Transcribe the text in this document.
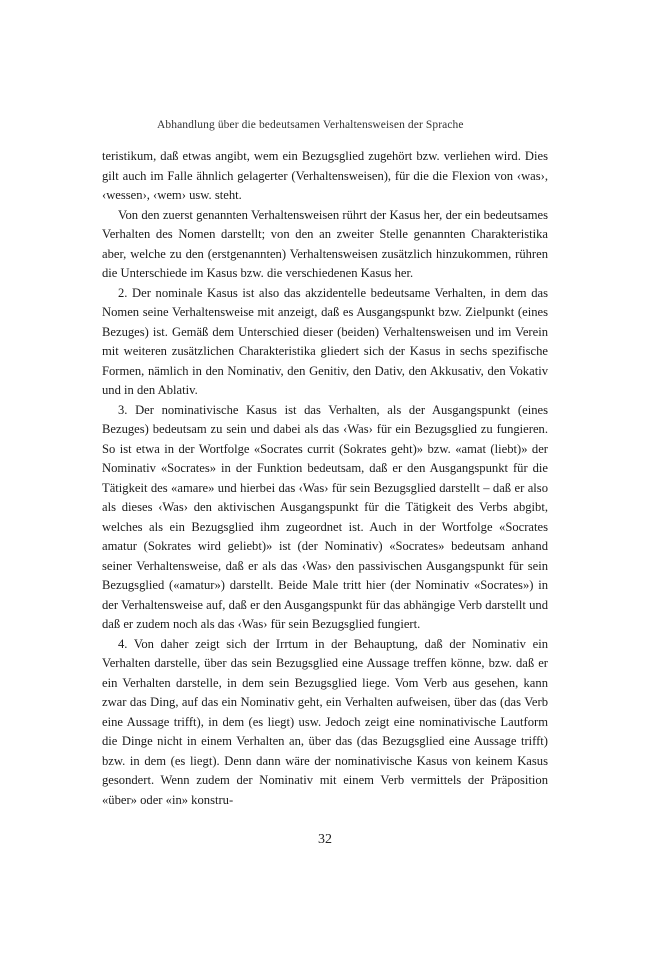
Abhandlung über die bedeutsamen Verhaltensweisen der Sprache

teristikum, daß etwas angibt, wem ein Bezugsglied zugehört bzw. verliehen wird. Dies gilt auch im Falle ähnlich gelagerter (Verhaltensweisen), für die die Flexion von ‹was›, ‹wessen›, ‹wem› usw. steht.

Von den zuerst genannten Verhaltensweisen rührt der Kasus her, der ein bedeutsames Verhalten des Nomen darstellt; von den an zweiter Stelle genannten Charakteristika aber, welche zu den (erstgenannten) Verhaltensweisen zusätzlich hinzukommen, rühren die Unterschiede im Kasus bzw. die verschiedenen Kasus her.

2. Der nominale Kasus ist also das akzidentelle bedeutsame Verhalten, in dem das Nomen seine Verhaltensweise mit anzeigt, daß es Ausgangspunkt bzw. Zielpunkt (eines Bezuges) ist. Gemäß dem Unterschied dieser (beiden) Verhaltensweisen und im Verein mit weiteren zusätzlichen Charakteristika gliedert sich der Kasus in sechs spezifische Formen, nämlich in den Nominativ, den Genitiv, den Dativ, den Akkusativ, den Vokativ und in den Ablativ.

3. Der nominativische Kasus ist das Verhalten, als der Ausgangspunkt (eines Bezuges) bedeutsam zu sein und dabei als das ‹Was› für ein Bezugsglied zu fungieren. So ist etwa in der Wortfolge «Socrates currit (Sokrates geht)» bzw. «amat (liebt)» der Nominativ «Socrates» in der Funktion bedeutsam, daß er den Ausgangspunkt für die Tätigkeit des «amare» und hierbei das ‹Was› für sein Bezugsglied darstellt – daß er also als dieses ‹Was› den aktivischen Ausgangspunkt für die Tätigkeit des Verbs abgibt, welches als ein Bezugsglied ihm zugeordnet ist. Auch in der Wortfolge «Socrates amatur (Sokrates wird geliebt)» ist (der Nominativ) «Socrates» bedeutsam anhand seiner Verhaltensweise, daß er als das ‹Was› den passivischen Ausgangspunkt für sein Bezugsglied («amatur») darstellt. Beide Male tritt hier (der Nominativ «Socrates») in der Verhaltensweise auf, daß er den Ausgangspunkt für das abhängige Verb darstellt und daß er zudem noch als das ‹Was› für sein Bezugsglied fungiert.

4. Von daher zeigt sich der Irrtum in der Behauptung, daß der Nominativ ein Verhalten darstelle, über das sein Bezugsglied eine Aussage treffen könne, bzw. daß er ein Verhalten darstelle, in dem sein Bezugsglied liege. Vom Verb aus gesehen, kann zwar das Ding, auf das ein Nominativ geht, ein Verhalten aufweisen, über das (das Verb eine Aussage trifft), in dem (es liegt) usw. Jedoch zeigt eine nominativische Lautform die Dinge nicht in einem Verhalten an, über das (das Bezugsglied eine Aussage trifft) bzw. in dem (es liegt). Denn dann wäre der nominativische Kasus von keinem Kasus gesondert. Wenn zudem der Nominativ mit einem Verb vermittels der Präposition «über» oder «in» konstru-

32
